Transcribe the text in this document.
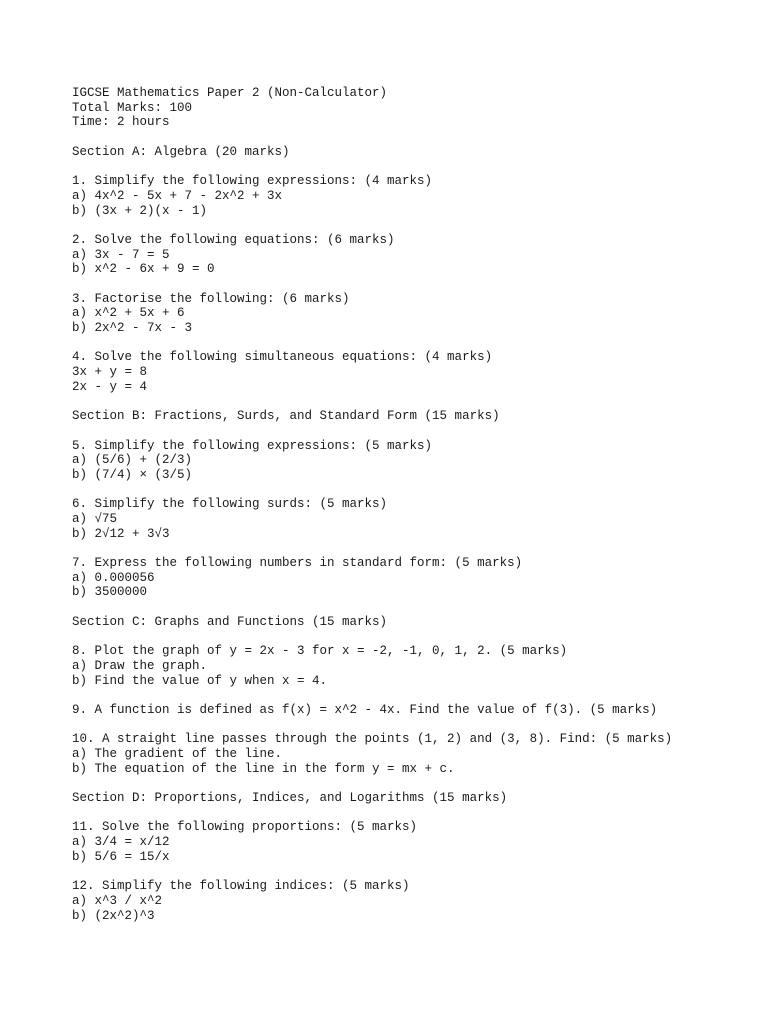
IGCSE Mathematics Paper 2 (Non-Calculator)

Total Marks: 100

Time: 2 hours

Section A: Algebra (20 marks)

1. Simplify the following expressions: (4 marks)

a) 4x^2 - 5x + 7 - 2x^2 + 3x

b) (3x + 2)(x - 1)

2. Solve the following equations: (6 marks)

a) 3x - 7 = 5

b) x^2 - 6x + 9 = 0

3. Factorise the following: (6 marks)

a) x^2 + 5x + 6

b) 2x^2 - 7x - 3

4. Solve the following simultaneous equations: (4 marks)

3x + y = 8

2x - y = 4

Section B: Fractions, Surds, and Standard Form (15 marks)

5. Simplify the following expressions: (5 marks)

a) (5/6) + (2/3)

b) (7/4) × (3/5)

6. Simplify the following surds: (5 marks)

a) √75

b) 2√12 + 3√3

7. Express the following numbers in standard form: (5 marks)

a) 0.000056

b) 3500000

Section C: Graphs and Functions (15 marks)

8. Plot the graph of y = 2x - 3 for x = -2, -1, 0, 1, 2. (5 marks)

a) Draw the graph.

b) Find the value of y when x = 4.

9. A function is defined as f(x) = x^2 - 4x. Find the value of f(3). (5 marks)

10. A straight line passes through the points (1, 2) and (3, 8). Find: (5 marks)

a) The gradient of the line.

b) The equation of the line in the form y = mx + c.

Section D: Proportions, Indices, and Logarithms (15 marks)

11. Solve the following proportions: (5 marks)

a) 3/4 = x/12

b) 5/6 = 15/x

12. Simplify the following indices: (5 marks)

a) x^3 / x^2

b) (2x^2)^3
